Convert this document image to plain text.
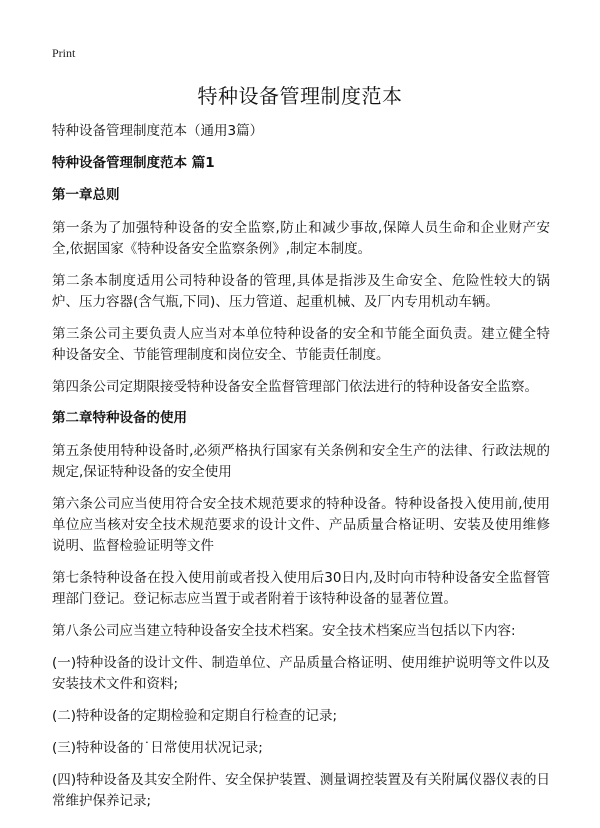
Print
特种设备管理制度范本

特种设备管理制度范本（通用3篇）

特种设备管理制度范本 篇1

第一章总则

第一条为了加强特种设备的安全监察,防止和减少事故,保障人员生命和企业财产安全,依据国家《特种设备安全监察条例》,制定本制度。

第二条本制度适用公司特种设备的管理,具体是指涉及生命安全、危险性较大的锅炉、压力容器(含气瓶,下同)、压力管道、起重机械、及厂内专用机动车辆。

第三条公司主要负责人应当对本单位特种设备的安全和节能全面负责。建立健全特种设备安全、节能管理制度和岗位安全、节能责任制度。

第四条公司定期限接受特种设备安全监督管理部门依法进行的特种设备安全监察。

第二章特种设备的使用

第五条使用特种设备时,必须严格执行国家有关条例和安全生产的法律、行政法规的规定,保证特种设备的安全使用

第六条公司应当使用符合安全技术规范要求的特种设备。特种设备投入使用前,使用单位应当核对安全技术规范要求的设计文件、产品质量合格证明、安装及使用维修说明、监督检验证明等文件

第七条特种设备在投入使用前或者投入使用后30日内,及时向市特种设备安全监督管理部门登记。登记标志应当置于或者附着于该特种设备的显著位置。

第八条公司应当建立特种设备安全技术档案。安全技术档案应当包括以下内容:

(一)特种设备的设计文件、制造单位、产品质量合格证明、使用维护说明等文件以及安装技术文件和资料;

(二)特种设备的定期检验和定期自行检查的记录;

(三)特种设备的˙日常使用状况记录;

(四)特种设备及其安全附件、安全保护装置、测量调控装置及有关附属仪器仪表的日常维护保养记录;
